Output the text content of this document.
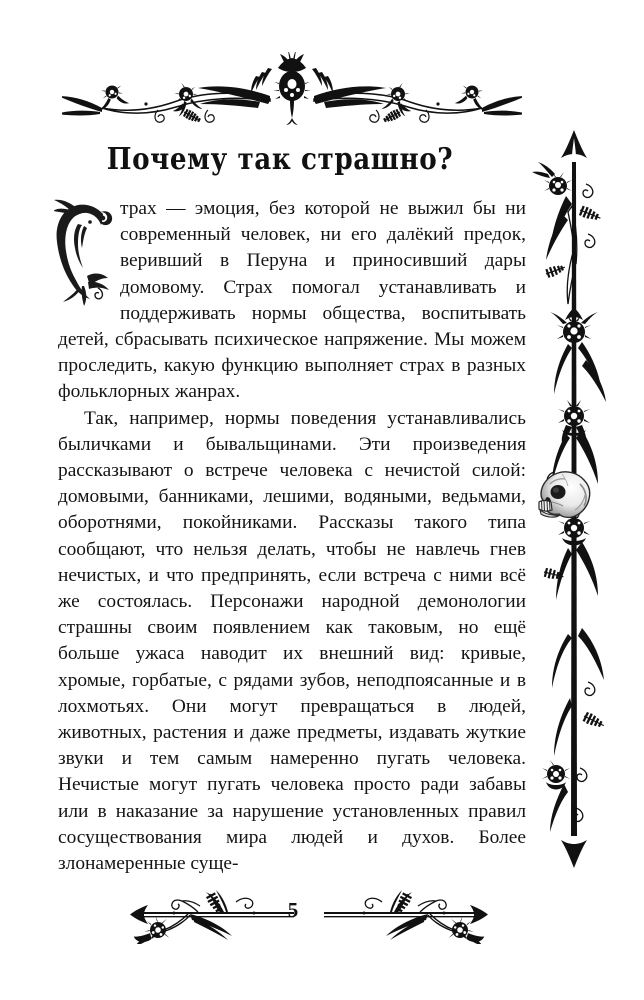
Почему так страшно?

трах — эмоция, без которой не выжил бы ни современный человек, ни его далёкий предок, веривший в Перуна и приносивший дары домовому. Страх помогал устанавливать и поддерживать нормы общества, воспитывать детей, сбрасывать психическое напряжение. Мы можем проследить, какую функцию выполняет страх в разных фольклорных жанрах.

Так, например, нормы поведения устанавливались быличками и бывальщинами. Эти произведения рассказывают о встрече человека с нечистой силой: домовыми, банниками, лешими, водяными, ведьмами, оборотнями, покойниками. Рассказы такого типа сообщают, что нельзя делать, чтобы не навлечь гнев нечистых, и что предпринять, если встреча с ними всё же состоялась. Персонажи народной демонологии страшны своим появлением как таковым, но ещё больше ужаса наводит их внешний вид: кривые, хромые, горбатые, с рядами зубов, неподпоясанные и в лохмотьях. Они могут превращаться в людей, животных, растения и даже предметы, издавать жуткие звуки и тем самым намеренно пугать человека. Нечистые могут пугать человека просто ради забавы или в наказание за нарушение установленных правил сосуществования мира людей и духов. Более злонамеренные суще-

5
